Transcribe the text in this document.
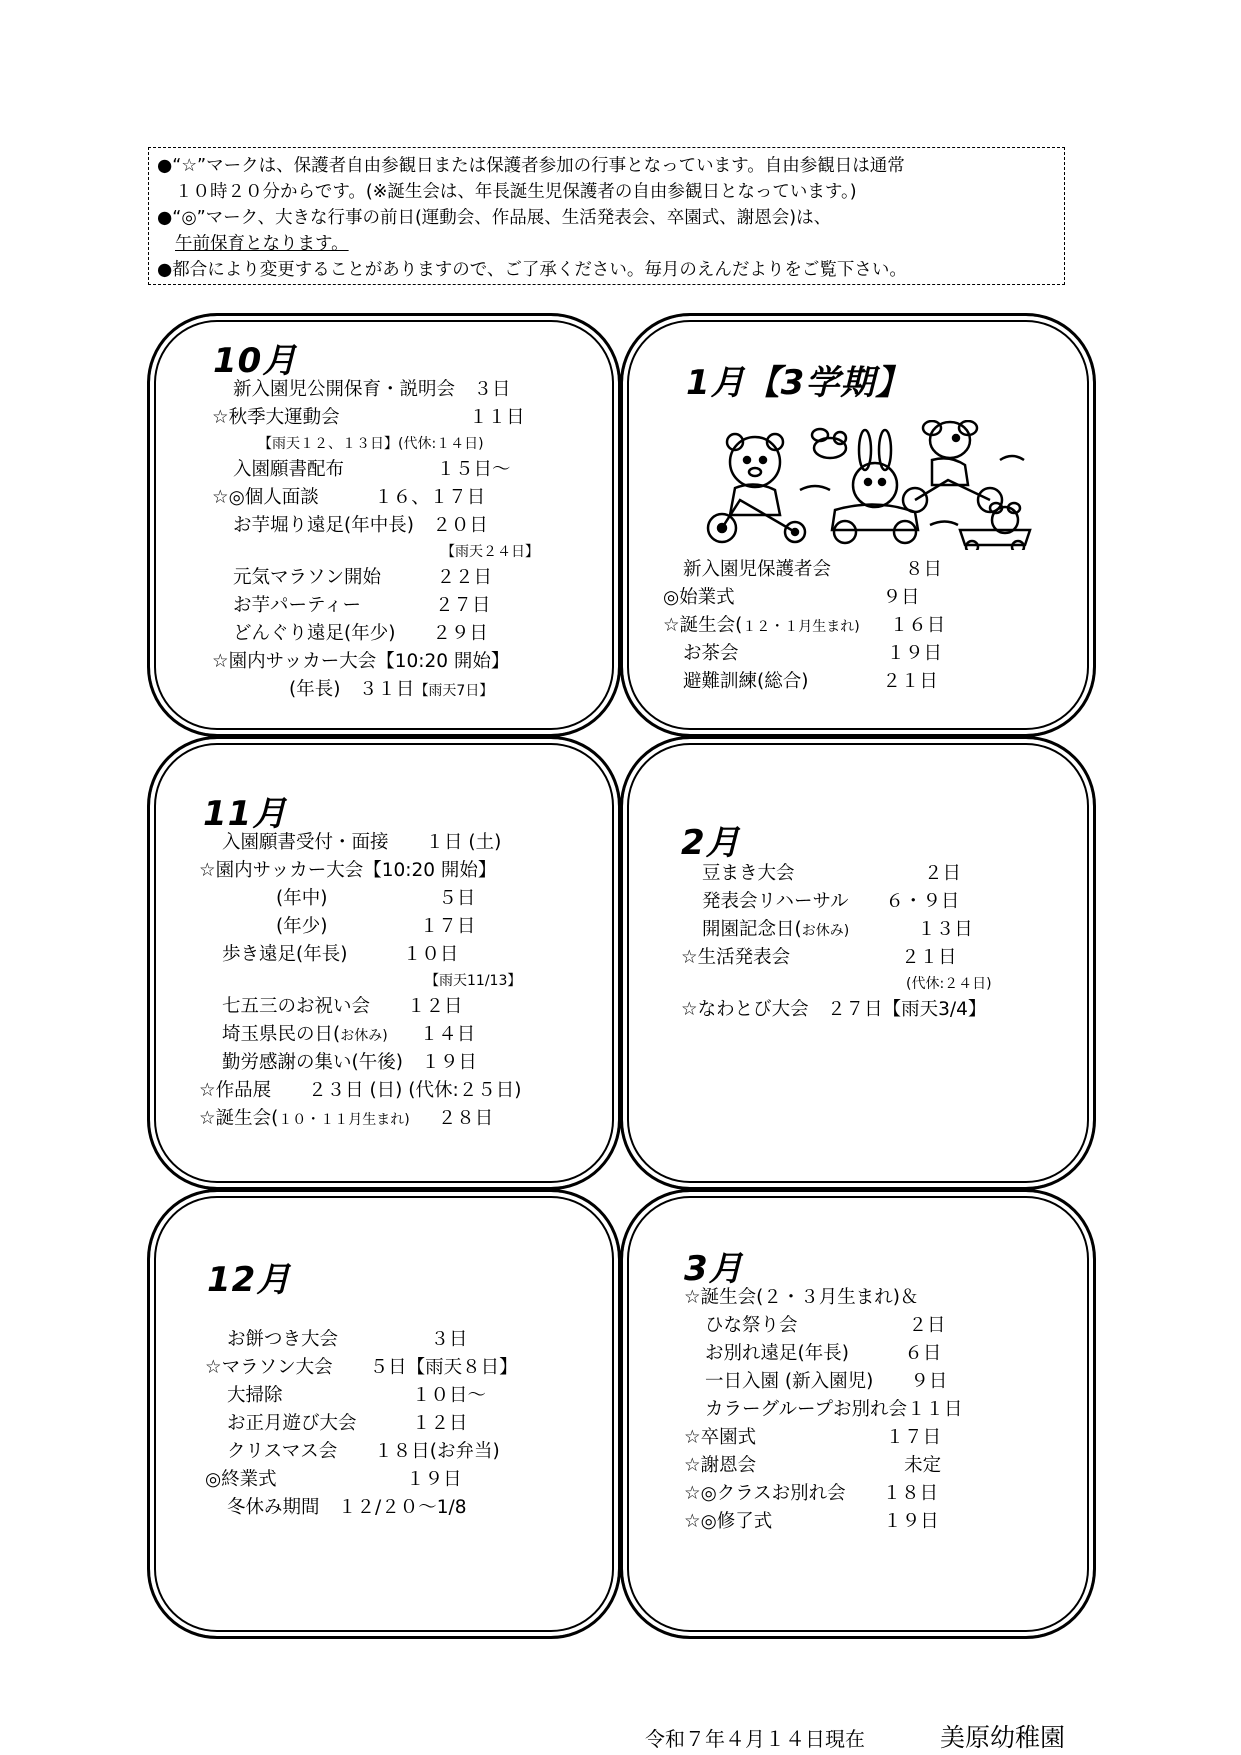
●“☆”マークは、保護者自由参観日または保護者参加の行事となっています。自由参観日は通常
１０時２０分からです。(※誕生会は、年長誕生児保護者の自由参観日となっています。)
●“◎”マーク、大きな行事の前日(運動会、作品展、生活発表会、卒園式、謝恩会)は、
午前保育となります。
●都合により変更することがありますので、ご了承ください。毎月のえんだよりをご覧下さい。
10月
新入園児公開保育・説明会　３日
☆秋季大運動会　　　　　　　１１日
【雨天１２、１３日】(代休:１４日)
入園願書配布　　　　　１５日〜
☆◎個人面談　　　１６、１７日
お芋堀り遠足(年中長)　２０日
【雨天２４日】
元気マラソン開始　　　２２日
お芋パーティー　　　　２７日
どんぐり遠足(年少)　　２９日
☆園内サッカー大会【10:20 開始】
(年長)　３１日【雨天7日】
1月【3学期】
新入園児保護者会　　　　８日
◎始業式　　　　　　　　９日
☆誕生会(１２・１月生まれ) １６日
お茶会　　　　　　　　１９日
避難訓練(総合)　　　　２１日
11月
入園願書受付・面接　　１日 (土)
☆園内サッカー大会【10:20 開始】
(年中)　　　　　　５日
(年少)　　　　　１７日
歩き遠足(年長)　　　１０日
【雨天11/13】
七五三のお祝い会　　１２日
埼玉県民の日(お休み) １４日
勤労感謝の集い(午後)　１９日
☆作品展　　２３日 (日) (代休:２５日)
☆誕生会(１０・１１月生まれ) ２８日
2月
豆まき大会　　　　　　　２日
発表会リハーサル　　６・９日
開園記念日(お休み)	１３日
☆生活発表会　　　　　　２１日
(代休:２４日)
☆なわとび大会　２７日【雨天3/4】
12月
お餅つき大会　　　　　３日
☆マラソン大会　　５日【雨天８日】
大掃除　　　　　　　１０日〜
お正月遊び大会　　　１２日
クリスマス会　　１８日(お弁当)
◎終業式　　　　　　　１９日
冬休み期間　１２/２０〜1/8
3月
☆誕生会(２・３月生まれ)＆
ひな祭り会　　　　　　２日
お別れ遠足(年長)　　　６日
一日入園 (新入園児)　　９日
カラーグループお別れ会１１日
☆卒園式　　　　　　　１７日
☆謝恩会　　　　　　　　未定
☆◎クラスお別れ会　　１８日
☆◎修了式　　　　　　１９日
令和７年４月１４日現在	美原幼稚園
